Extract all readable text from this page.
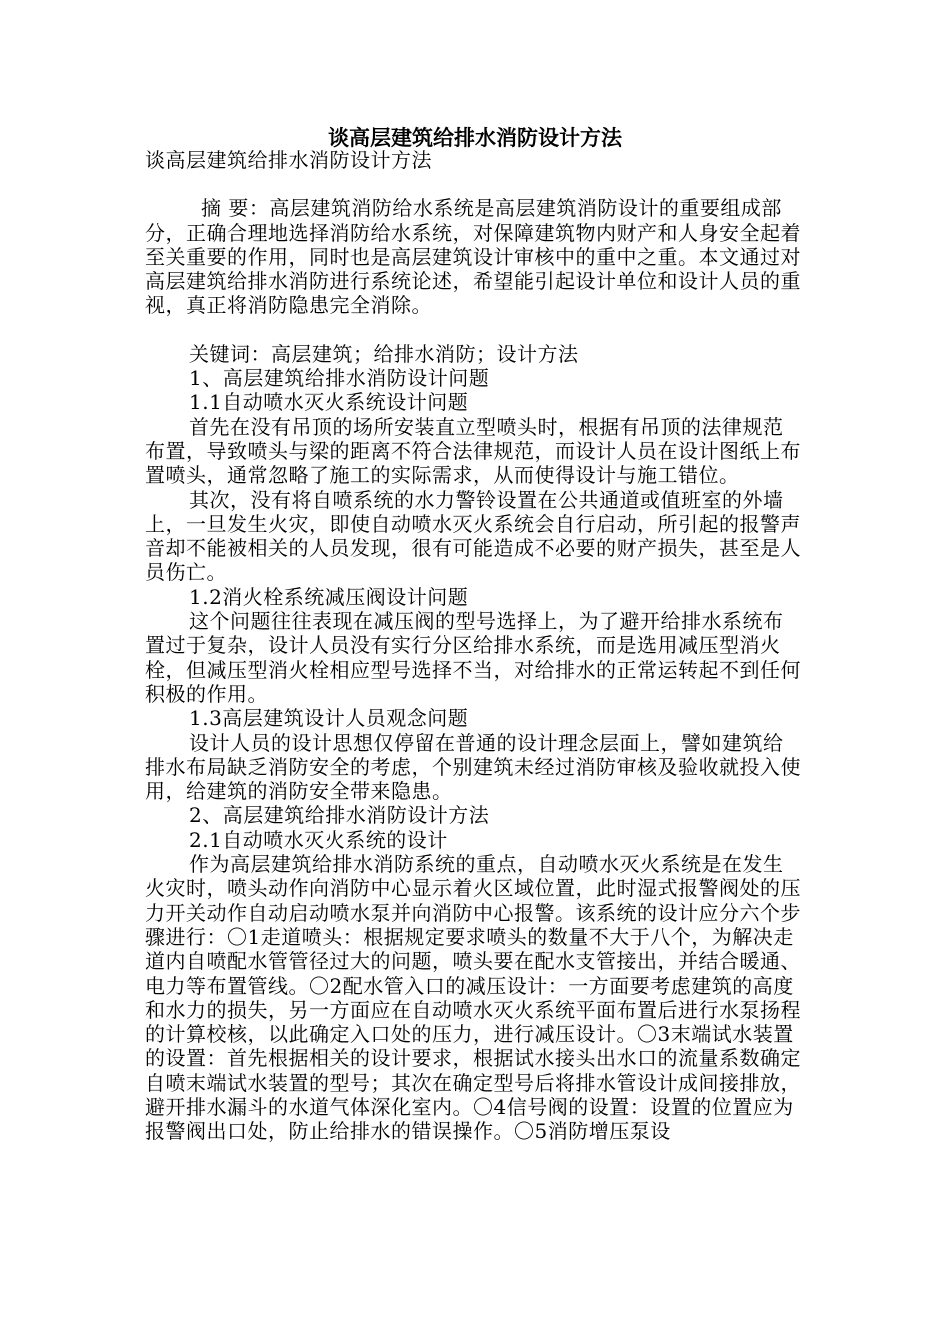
谈高层建筑给排水消防设计方法

谈高层建筑给排水消防设计方法

摘 要：高层建筑消防给水系统是高层建筑消防设计的重要组成部分，正确合理地选择消防给水系统，对保障建筑物内财产和人身安全起着至关重要的作用，同时也是高层建筑设计审核中的重中之重。本文通过对高层建筑给排水消防进行系统论述，希望能引起设计单位和设计人员的重视，真正将消防隐患完全消除。

关键词：高层建筑；给排水消防；设计方法

1、高层建筑给排水消防设计问题

1.1自动喷水灭火系统设计问题

首先在没有吊顶的场所安装直立型喷头时，根据有吊顶的法律规范布置，导致喷头与梁的距离不符合法律规范，而设计人员在设计图纸上布置喷头，通常忽略了施工的实际需求，从而使得设计与施工错位。

其次，没有将自喷系统的水力警铃设置在公共通道或值班室的外墙上，一旦发生火灾，即使自动喷水灭火系统会自行启动，所引起的报警声音却不能被相关的人员发现，很有可能造成不必要的财产损失，甚至是人员伤亡。

1.2消火栓系统减压阀设计问题

这个问题往往表现在减压阀的型号选择上，为了避开给排水系统布置过于复杂，设计人员没有实行分区给排水系统，而是选用减压型消火栓，但减压型消火栓相应型号选择不当，对给排水的正常运转起不到任何积极的作用。

1.3高层建筑设计人员观念问题

设计人员的设计思想仅停留在普通的设计理念层面上，譬如建筑给排水布局缺乏消防安全的考虑，个别建筑未经过消防审核及验收就投入使用，给建筑的消防安全带来隐患。

2、高层建筑给排水消防设计方法

2.1自动喷水灭火系统的设计

作为高层建筑给排水消防系统的重点，自动喷水灭火系统是在发生火灾时，喷头动作向消防中心显示着火区域位置，此时湿式报警阀处的压力开关动作自动启动喷水泵并向消防中心报警。该系统的设计应分六个步骤进行：〇1走道喷头：根据规定要求喷头的数量不大于八个，为解决走道内自喷配水管管径过大的问题，喷头要在配水支管接出，并结合暖通、电力等布置管线。〇2配水管入口的减压设计：一方面要考虑建筑的高度和水力的损失，另一方面应在自动喷水灭火系统平面布置后进行水泵扬程的计算校核，以此确定入口处的压力，进行减压设计。〇3末端试水装置的设置：首先根据相关的设计要求，根据试水接头出水口的流量系数确定自喷末端试水装置的型号；其次在确定型号后将排水管设计成间接排放，避开排水漏斗的水道气体深化室内。〇4信号阀的设置：设置的位置应为报警阀出口处，防止给排水的错误操作。〇5消防增压泵设
